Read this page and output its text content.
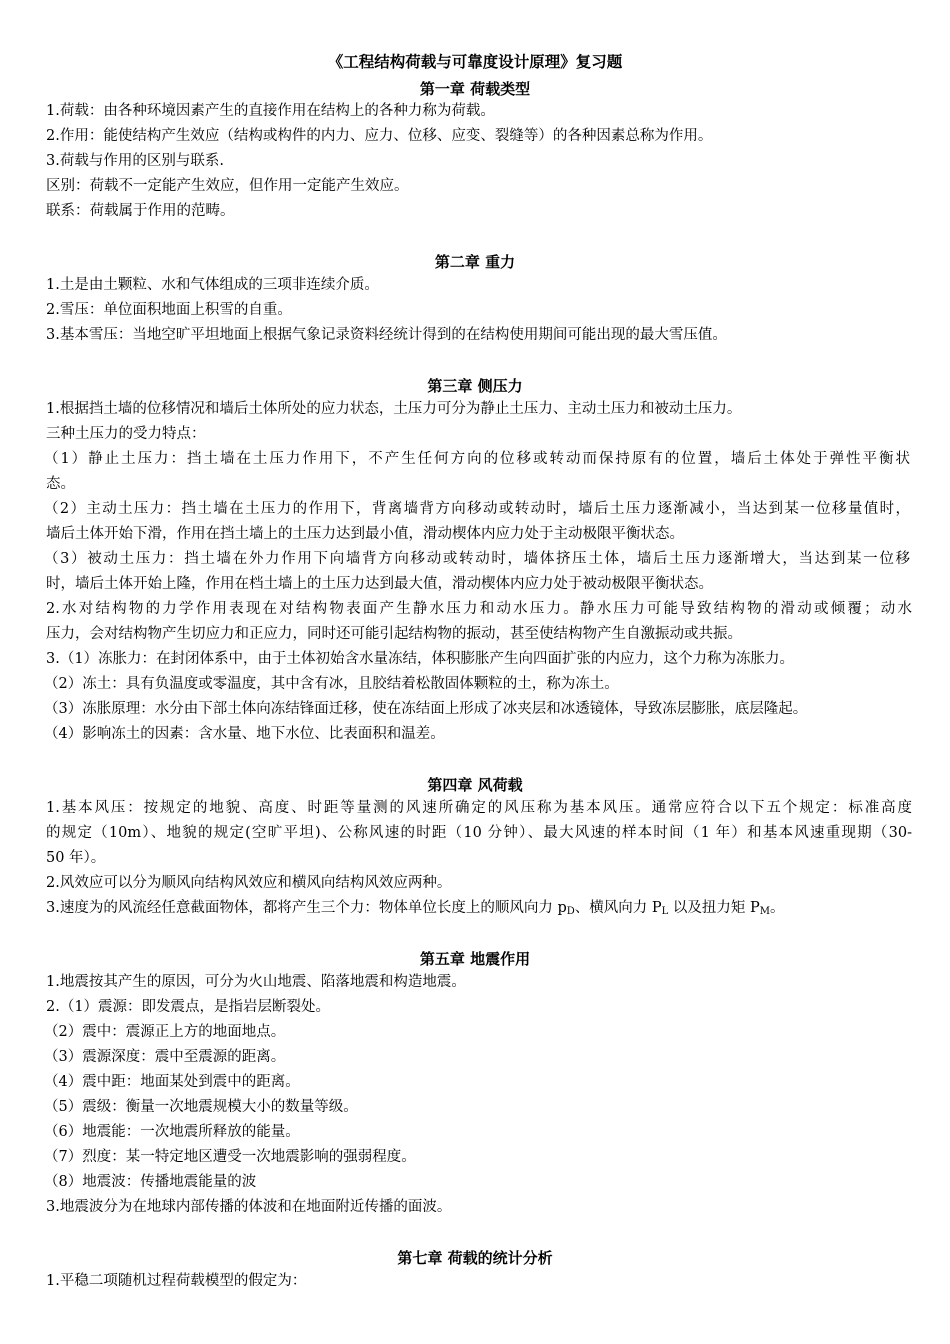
《工程结构荷载与可靠度设计原理》复习题
第一章 荷载类型
1.荷载：由各种环境因素产生的直接作用在结构上的各种力称为荷载。
2.作用：能使结构产生效应（结构或构件的内力、应力、位移、应变、裂缝等）的各种因素总称为作用。
3.荷载与作用的区别与联系.
区别：荷载不一定能产生效应，但作用一定能产生效应。
联系：荷载属于作用的范畴。
第二章 重力
1.土是由土颗粒、水和气体组成的三项非连续介质。
2.雪压：单位面积地面上积雪的自重。
3.基本雪压：当地空旷平坦地面上根据气象记录资料经统计得到的在结构使用期间可能出现的最大雪压值。
第三章 侧压力
1.根据挡土墙的位移情况和墙后土体所处的应力状态，土压力可分为静止土压力、主动土压力和被动土压力。
三种土压力的受力特点：
（1）静止土压力：挡土墙在土压力作用下，不产生任何方向的位移或转动而保持原有的位置，墙后土体处于弹性平衡状
态。
（2）主动土压力：挡土墙在土压力的作用下，背离墙背方向移动或转动时，墙后土压力逐渐减小，当达到某一位移量值时，
墙后土体开始下滑，作用在挡土墙上的土压力达到最小值，滑动楔体内应力处于主动极限平衡状态。
（3）被动土压力：挡土墙在外力作用下向墙背方向移动或转动时，墙体挤压土体，墙后土压力逐渐增大，当达到某一位移
时，墙后土体开始上隆，作用在档土墙上的土压力达到最大值，滑动楔体内应力处于被动极限平衡状态。
2.水对结构物的力学作用表现在对结构物表面产生静水压力和动水压力。静水压力可能导致结构物的滑动或倾覆；动水
压力，会对结构物产生切应力和正应力，同时还可能引起结构物的振动，甚至使结构物产生自激振动或共振。
3.（1）冻胀力：在封闭体系中，由于土体初始含水量冻结，体积膨胀产生向四面扩张的内应力，这个力称为冻胀力。
（2）冻土：具有负温度或零温度，其中含有冰，且胶结着松散固体颗粒的土，称为冻土。
（3）冻胀原理：水分由下部土体向冻结锋面迁移，使在冻结面上形成了冰夹层和冰透镜体，导致冻层膨胀，底层隆起。
（4）影响冻土的因素：含水量、地下水位、比表面积和温差。
第四章 风荷载
1.基本风压：按规定的地貌、高度、时距等量测的风速所确定的风压称为基本风压。通常应符合以下五个规定：标准高度
的规定（10m）、地貌的规定(空旷平坦)、公称风速的时距（10 分钟）、最大风速的样本时间（1 年）和基本风速重现期（30-
50 年）。
2.风效应可以分为顺风向结构风效应和横风向结构风效应两种。
3.速度为的风流经任意截面物体，都将产生三个力：物体单位长度上的顺风向力 $p_D$、横风向力 $P_L$ 以及扭力矩 $P_M$。
第五章 地震作用
1.地震按其产生的原因，可分为火山地震、陷落地震和构造地震。
2.（1）震源：即发震点，是指岩层断裂处。
（2）震中：震源正上方的地面地点。
（3）震源深度：震中至震源的距离。
（4）震中距：地面某处到震中的距离。
（5）震级：衡量一次地震规模大小的数量等级。
（6）地震能：一次地震所释放的能量。
（7）烈度：某一特定地区遭受一次地震影响的强弱程度。
（8）地震波：传播地震能量的波
3.地震波分为在地球内部传播的体波和在地面附近传播的面波。
第七章 荷载的统计分析
1.平稳二项随机过程荷载模型的假定为：
